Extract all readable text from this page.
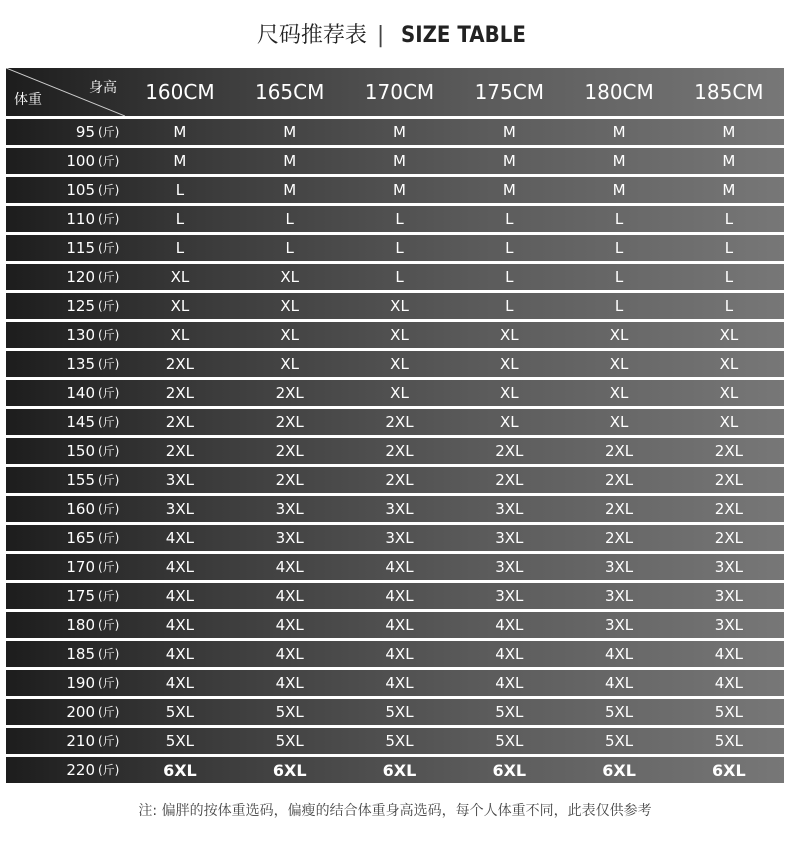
尺码推荐表 | SIZE TABLE
身高
体重	160CM	165CM	170CM	175CM	180CM	185CM
95 (斤)	M	M	M	M	M	M
100 (斤)	M	M	M	M	M	M
105 (斤)	L	M	M	M	M	M
110 (斤)	L	L	L	L	L	L
115 (斤)	L	L	L	L	L	L
120 (斤)	XL	XL	L	L	L	L
125 (斤)	XL	XL	XL	L	L	L
130 (斤)	XL	XL	XL	XL	XL	XL
135 (斤)	2XL	XL	XL	XL	XL	XL
140 (斤)	2XL	2XL	XL	XL	XL	XL
145 (斤)	2XL	2XL	2XL	XL	XL	XL
150 (斤)	2XL	2XL	2XL	2XL	2XL	2XL
155 (斤)	3XL	2XL	2XL	2XL	2XL	2XL
160 (斤)	3XL	3XL	3XL	3XL	2XL	2XL
165 (斤)	4XL	3XL	3XL	3XL	2XL	2XL
170 (斤)	4XL	4XL	4XL	3XL	3XL	3XL
175 (斤)	4XL	4XL	4XL	3XL	3XL	3XL
180 (斤)	4XL	4XL	4XL	4XL	3XL	3XL
185 (斤)	4XL	4XL	4XL	4XL	4XL	4XL
190 (斤)	4XL	4XL	4XL	4XL	4XL	4XL
200 (斤)	5XL	5XL	5XL	5XL	5XL	5XL
210 (斤)	5XL	5XL	5XL	5XL	5XL	5XL
220 (斤)	6XL	6XL	6XL	6XL	6XL	6XL
注: 偏胖的按体重选码，偏瘦的结合体重身高选码，每个人体重不同，此表仅供参考
